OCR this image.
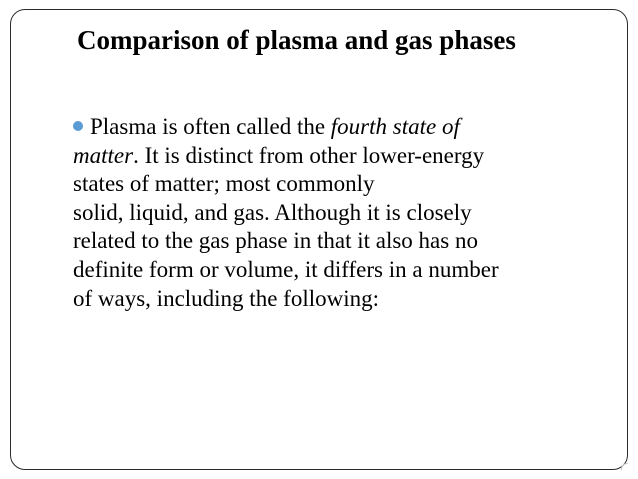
Comparison of plasma and gas phases

Plasma is often called the fourth state of
matter. It is distinct from other lower-energy
states of matter; most commonly
solid, liquid, and gas. Although it is closely
related to the gas phase in that it also has no
definite form or volume, it differs in a number
of ways, including the following:
